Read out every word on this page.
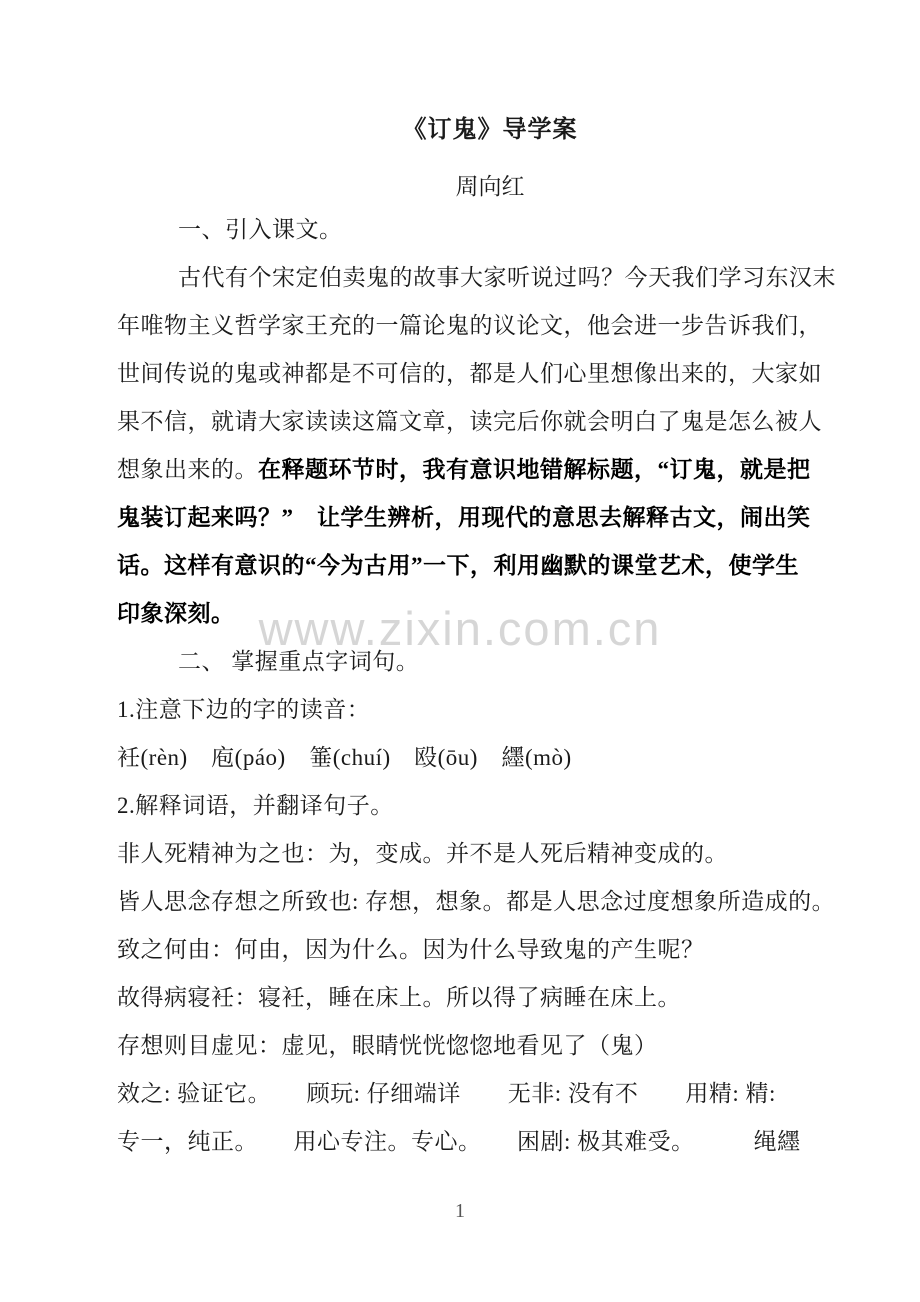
www.zixin.com.cn
《订鬼》导学案
周向红
一、引入课文。
古代有个宋定伯卖鬼的故事大家听说过吗？今天我们学习东汉末
年唯物主义哲学家王充的一篇论鬼的议论文，他会进一步告诉我们，
世间传说的鬼或神都是不可信的，都是人们心里想像出来的，大家如
果不信，就请大家读读这篇文章，读完后你就会明白了鬼是怎么被人
想象出来的。在释题环节时，我有意识地错解标题，“订鬼，就是把
鬼装订起来吗？”　让学生辨析，用现代的意思去解释古文，闹出笑
话。这样有意识的“今为古用”一下，利用幽默的课堂艺术，使学生
印象深刻。
二、 掌握重点字词句。
1.注意下边的字的读音：
衽(rèn)　庖(páo)　箠(chuí)　殴(ōu)　纆(mò)
2.解释词语，并翻译句子。
非人死精神为之也：为，变成。并不是人死后精神变成的。
皆人思念存想之所致也: 存想，想象。都是人思念过度想象所造成的。
致之何由：何由，因为什么。因为什么导致鬼的产生呢？
故得病寝衽：寝衽，睡在床上。所以得了病睡在床上。
存想则目虚见：虚见，眼睛恍恍惚惚地看见了（鬼）
效之: 验证它。　　顾玩: 仔细端详　　无非: 没有不　　用精: 精:
专一，纯正。　　用心专注。专心。　　困剧: 极其难受。　　　绳纆
1
